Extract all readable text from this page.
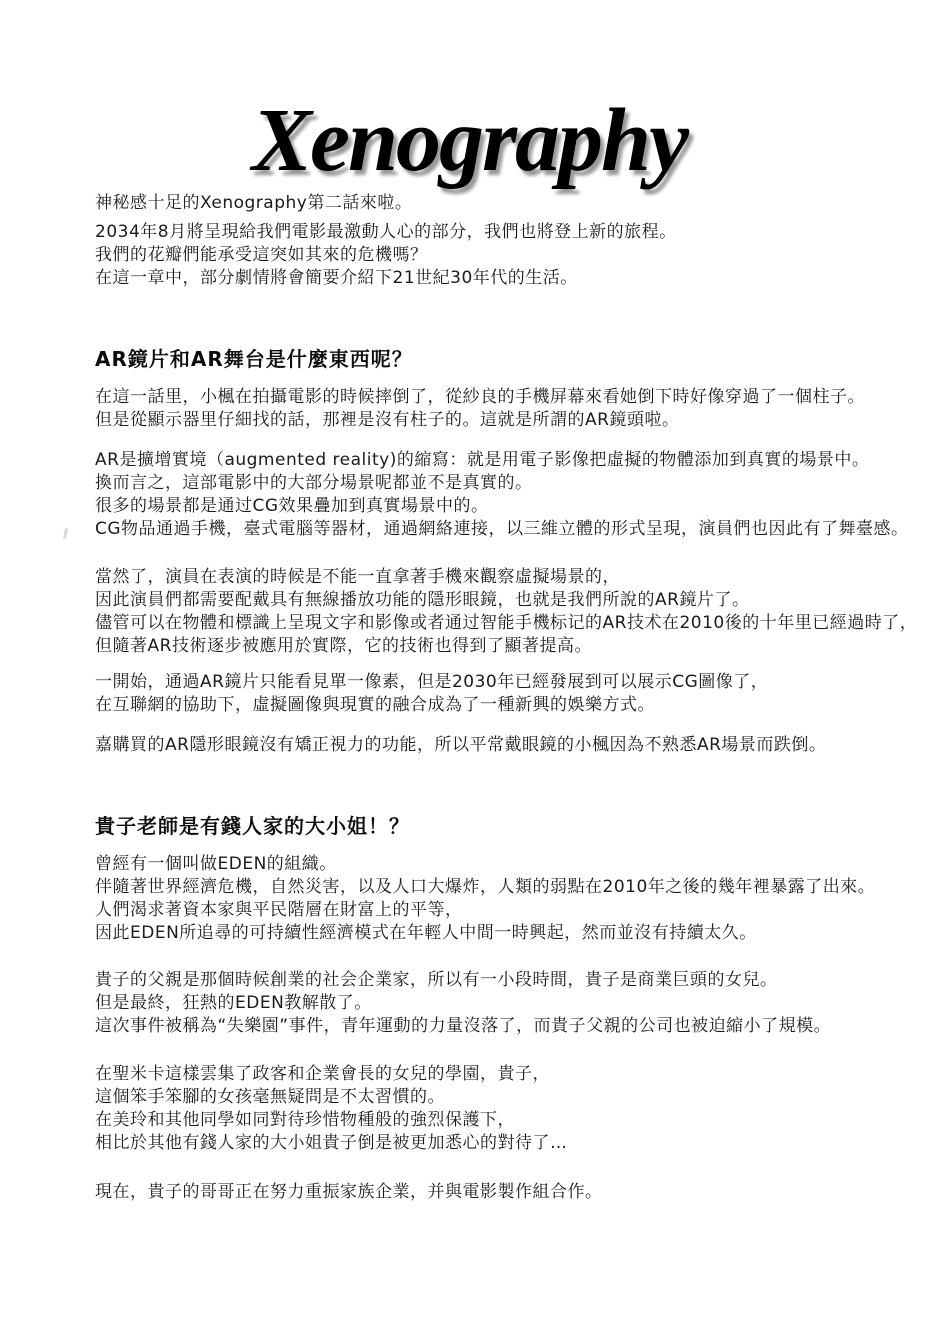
Xenography
神秘感十足的Xenography第二話來啦。
2034年8月將呈現給我們電影最激動人心的部分，我們也將登上新的旅程。
我們的花瓣們能承受這突如其來的危機嗎？
在這一章中，部分劇情將會簡要介紹下21世紀30年代的生活。
AR鏡片和AR舞台是什麼東西呢？
在這一話里，小楓在拍攝電影的時候摔倒了，從紗良的手機屏幕來看她倒下時好像穿過了一個柱子。
但是從顯示器里仔細找的話，那裡是沒有柱子的。這就是所謂的AR鏡頭啦。
AR是擴增實境（augmented reality)的縮寫：就是用電子影像把虛擬的物體添加到真實的場景中。
換而言之，這部電影中的大部分場景呢都並不是真實的。
很多的場景都是通过CG效果疊加到真實場景中的。
CG物品通過手機，臺式電腦等器材，通過網絡連接，以三維立體的形式呈現，演員們也因此有了舞臺感。
當然了，演員在表演的時候是不能一直拿著手機來觀察虛擬場景的，
因此演員們都需要配戴具有無線播放功能的隱形眼鏡，也就是我們所說的AR鏡片了。
儘管可以在物體和標識上呈現文字和影像或者通过智能手機标记的AR技术在2010後的十年里已經過時了，
但隨著AR技術逐步被應用於實際，它的技術也得到了顯著提高。
一開始，通過AR鏡片只能看見單一像素，但是2030年已經發展到可以展示CG圖像了，
在互聯網的協助下，虛擬圖像與現實的融合成為了一種新興的娛樂方式。
嘉購買的AR隱形眼鏡沒有矯正視力的功能，所以平常戴眼鏡的小楓因為不熟悉AR場景而跌倒。
貴子老師是有錢人家的大小姐！？
曾經有一個叫做EDEN的組織。
伴隨著世界經濟危機，自然災害，以及人口大爆炸，人類的弱點在2010年之後的幾年裡暴露了出來。
人們渴求著資本家與平民階層在財富上的平等，
因此EDEN所追尋的可持續性經濟模式在年輕人中間一時興起，然而並沒有持續太久。
貴子的父親是那個時候創業的社会企業家，所以有一小段時間，貴子是商業巨頭的女兒。
但是最終，狂熱的EDEN教解散了。
這次事件被稱為“失樂園”事件，青年運動的力量沒落了，而貴子父親的公司也被迫縮小了規模。
在聖米卡這樣雲集了政客和企業會長的女兒的學園，貴子，
這個笨手笨腳的女孩毫無疑問是不太習慣的。
在美玲和其他同學如同對待珍惜物種般的強烈保護下，
相比於其他有錢人家的大小姐貴子倒是被更加悉心的對待了…
現在，貴子的哥哥正在努力重振家族企業，并與電影製作組合作。
